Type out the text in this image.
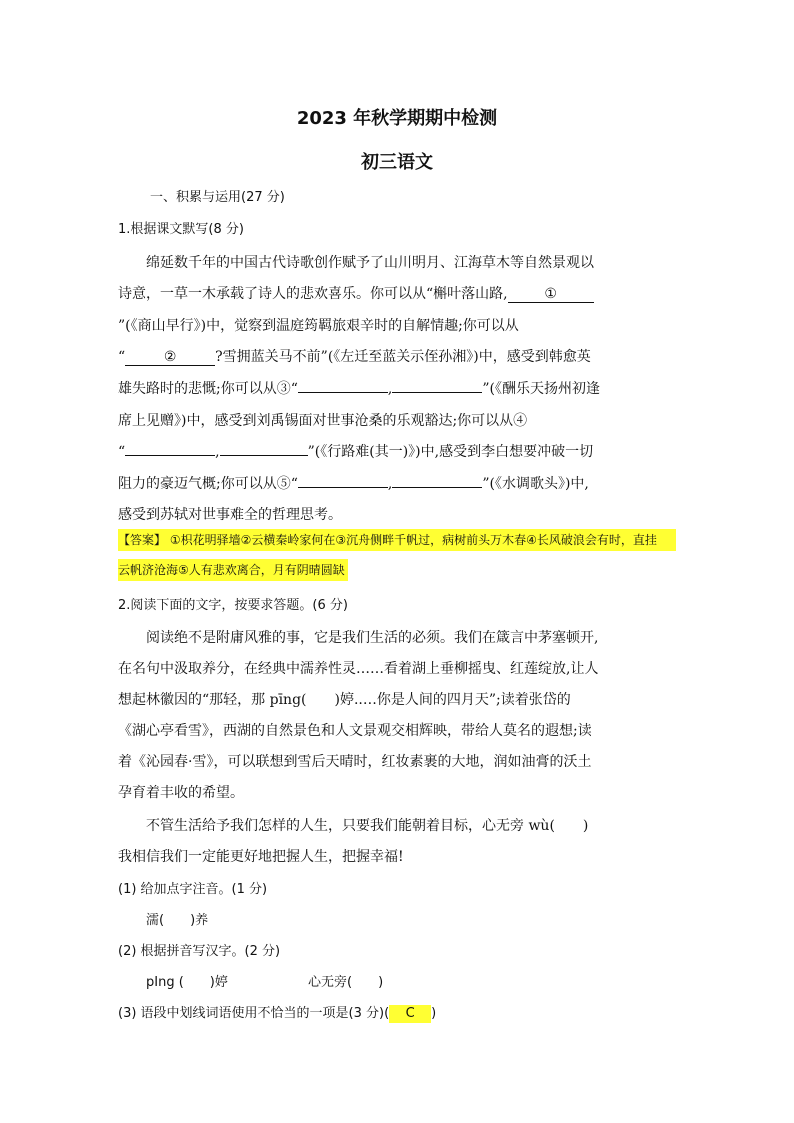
2023 年秋学期期中检测
初三语文
一、积累与运用(27 分)
1.根据课文默写(8 分)
绵延数千年的中国古代诗歌创作赋予了山川明月、江海草木等自然景观以
诗意，一草一木承载了诗人的悲欢喜乐。你可以从“槲叶落山路,	①
”(《商山早行》)中，觉察到温庭筠羁旅艰辛时的自解情趣;你可以从
“	②	?雪拥蓝关马不前”(《左迁至蓝关示侄孙湘》)中，感受到韩愈英
雄失路时的悲慨;你可以从③“	,	”(《酬乐天扬州初逢
席上见赠》)中，感受到刘禹锡面对世事沧桑的乐观豁达;你可以从④
“	,	”(《行路难(其一)》)中,感受到李白想要冲破一切
阻力的豪迈气概;你可以从⑤“	,	”(《水调歌头》)中,
感受到苏轼对世事难全的哲理思考。
【答案】 ①枳花明驿墙②云横秦岭家何在③沉舟侧畔千帆过，病树前头万木春④长风破浪会有时，直挂
云帆济沧海⑤人有悲欢离合，月有阴晴圆缺
2.阅读下面的文字，按要求答题。(6 分)
阅读绝不是附庸风雅的事，它是我们生活的必须。我们在箴言中茅塞顿开,
在名句中汲取养分，在经典中濡养性灵……看着湖上垂柳摇曳、红莲绽放,让人
想起林徽因的“那轻，那 pīng(　　)婷..…你是人间的四月天”;读着张岱的
《湖心亭看雪》，西湖的自然景色和人文景观交相辉映，带给人莫名的遐想;读
着《沁园春·雪》，可以联想到雪后天晴时，红妆素裹的大地，润如油膏的沃土
孕育着丰收的希望。
不管生活给予我们怎样的人生，只要我们能朝着目标，心无旁 wù(　　)
我相信我们一定能更好地把握人生，把握幸福!
(1) 给加点字注音。(1 分)
濡(　　)养
(2) 根据拼音写汉字。(2 分)
pIng (　　)婷	心无旁(　　)
(3) 语段中划线词语使用不恰当的一项是(3 分)( C )
